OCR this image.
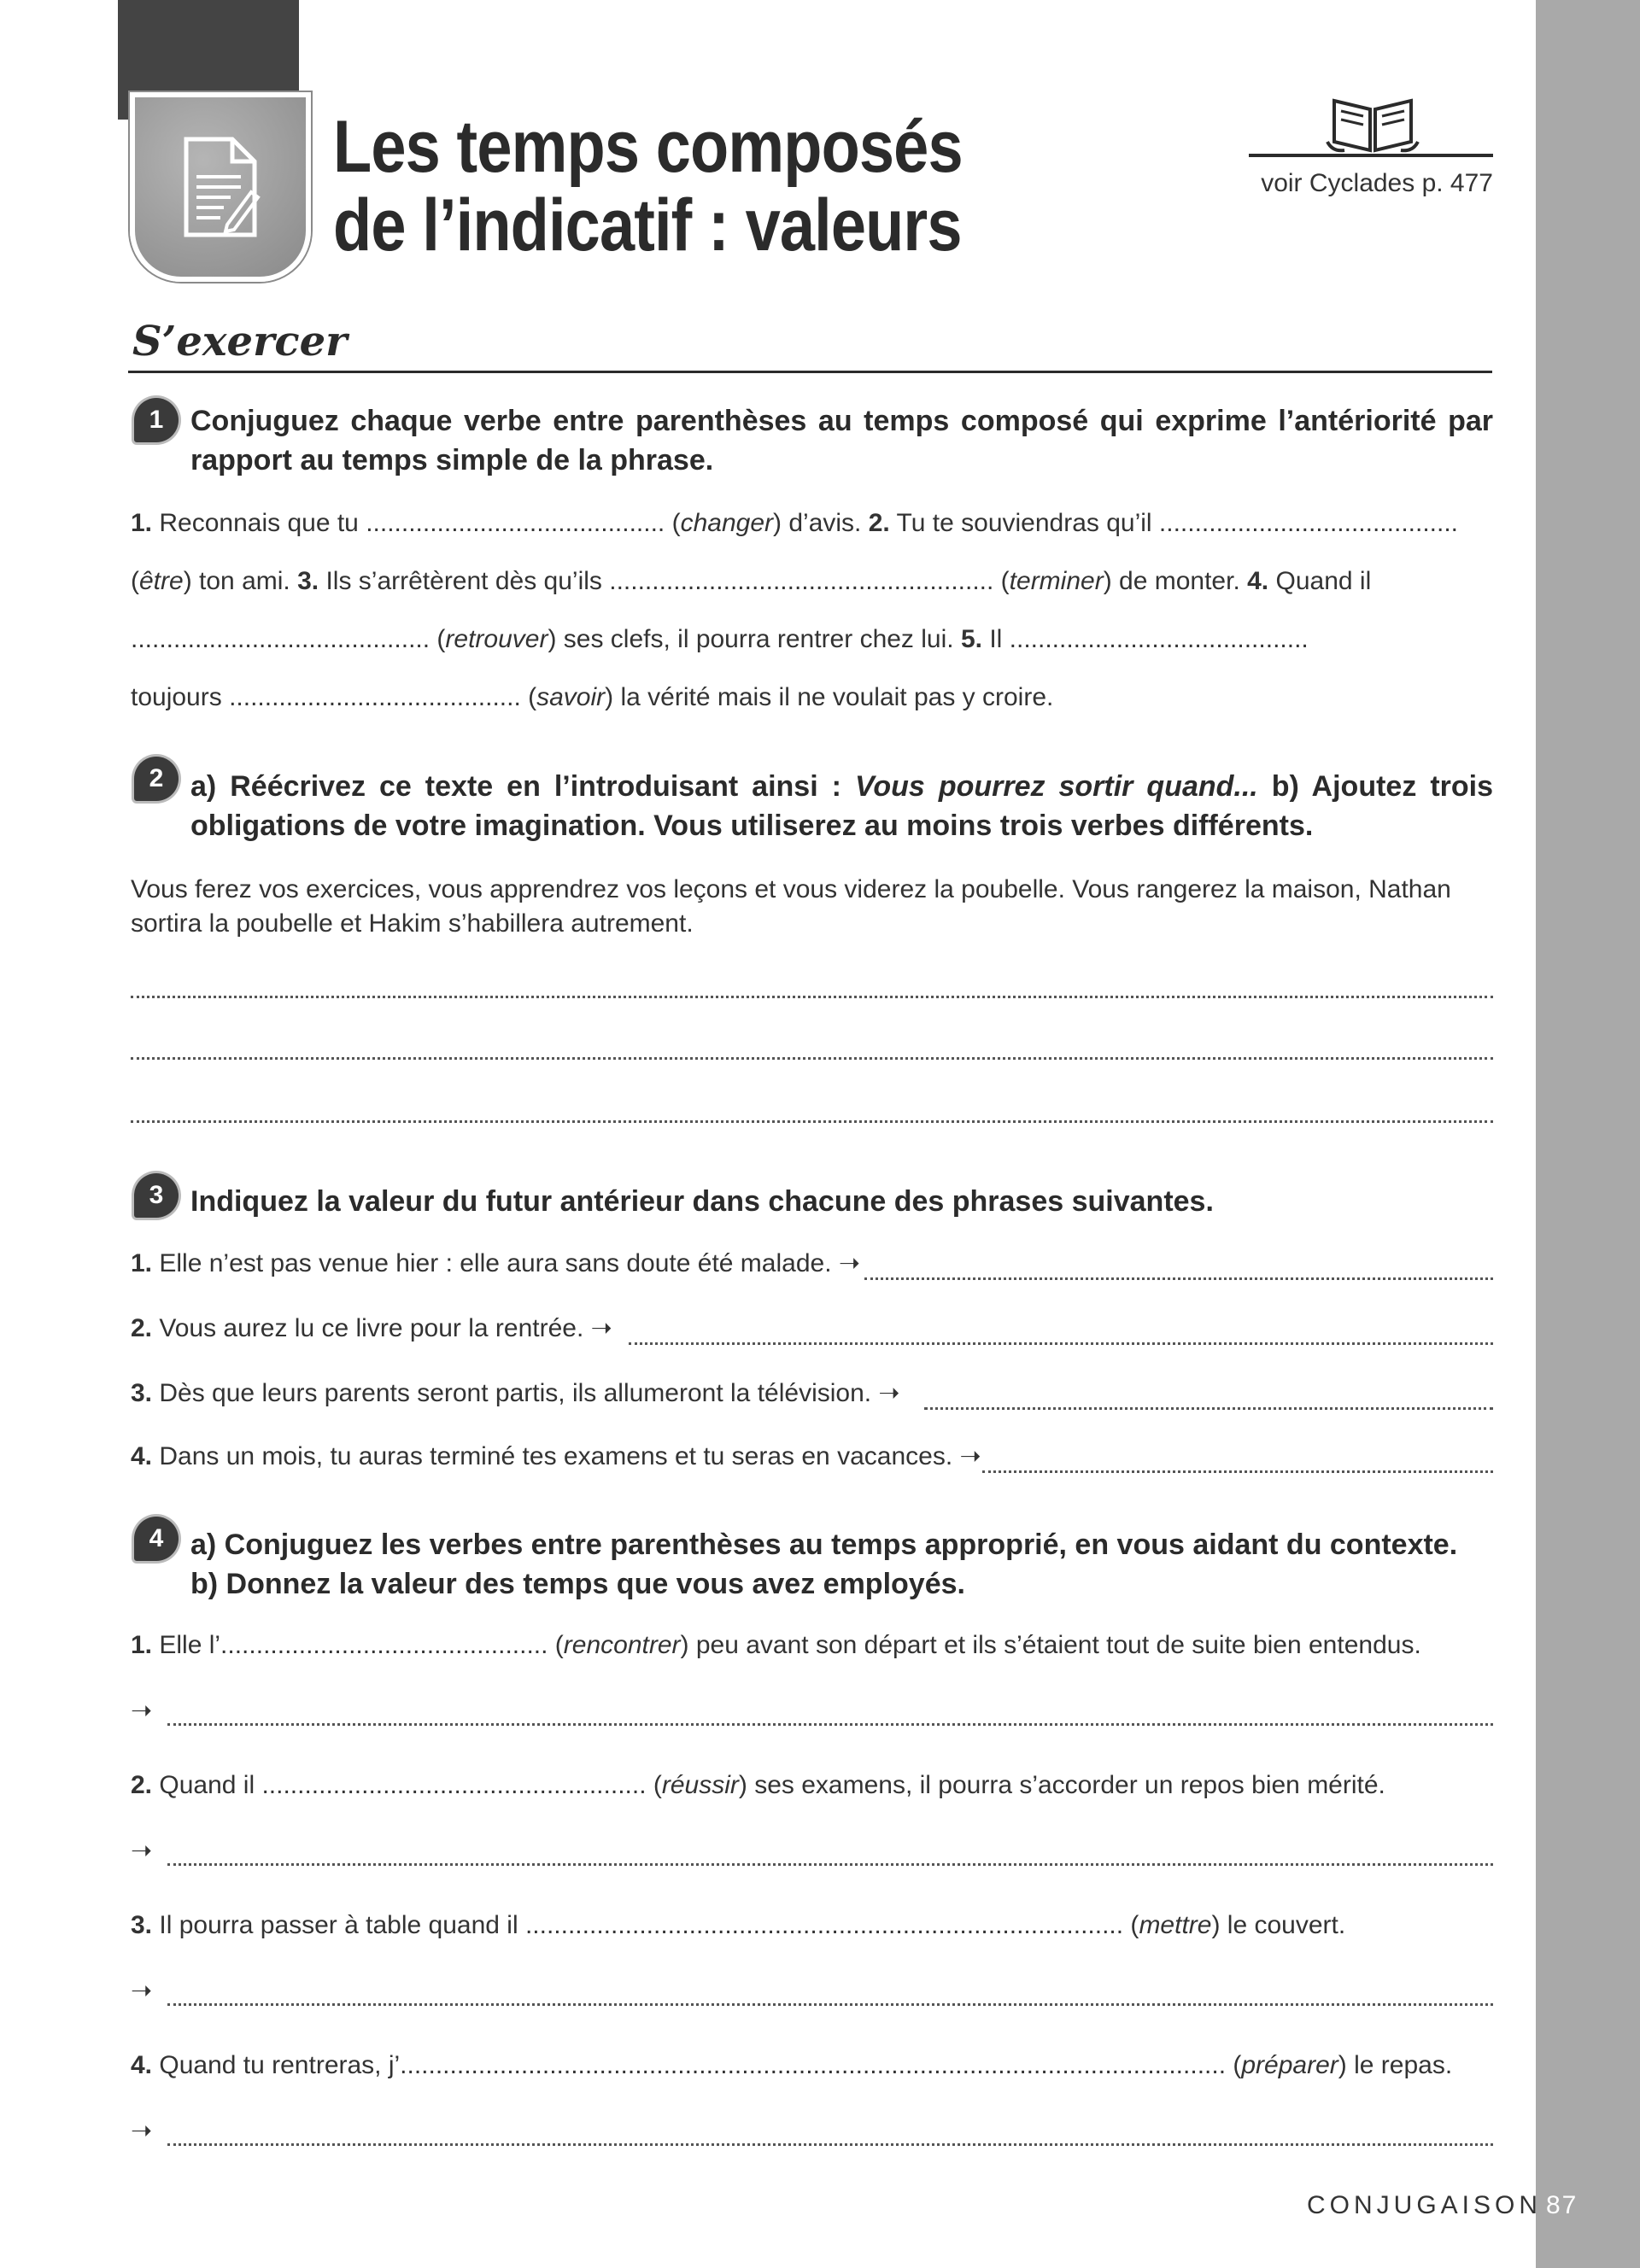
Les temps composés
de l’indicatif : valeurs
voir Cyclades p. 477
S’exercer
1 Conjuguez chaque verbe entre parenthèses au temps composé qui exprime l’antériorité par rapport au temps simple de la phrase.

1. Reconnais que tu .......................................... (changer) d’avis. 2. Tu te souviendras qu’il ..........................................
(être) ton ami. 3. Ils s’arrêtèrent dès qu’ils ...................................................... (terminer) de monter. 4. Quand il
.......................................... (retrouver) ses clefs, il pourra rentrer chez lui. 5. Il ..........................................
toujours ......................................... (savoir) la vérité mais il ne voulait pas y croire.
2 a) Réécrivez ce texte en l’introduisant ainsi : Vous pourrez sortir quand... b) Ajoutez trois obligations de votre imagination. Vous utiliserez au moins trois verbes différents.

Vous ferez vos exercices, vous apprendrez vos leçons et vous viderez la poubelle. Vous rangerez la maison, Nathan sortira la poubelle et Hakim s’habillera autrement.

3 Indiquez la valeur du futur antérieur dans chacune des phrases suivantes.

1. Elle n’est pas venue hier : elle aura sans doute été malade. ➝
2. Vous aurez lu ce livre pour la rentrée. ➝
3. Dès que leurs parents seront partis, ils allumeront la télévision. ➝
4. Dans un mois, tu auras terminé tes examens et tu seras en vacances. ➝
4 a) Conjuguez les verbes entre parenthèses au temps approprié, en vous aidant du contexte.
b) Donnez la valeur des temps que vous avez employés.

1. Elle l’.............................................. (rencontrer) peu avant son départ et ils s’étaient tout de suite bien entendus.
➝
2. Quand il ...................................................... (réussir) ses examens, il pourra s’accorder un repos bien mérité.
➝
3. Il pourra passer à table quand il .................................................................................... (mettre) le couvert.
➝
4. Quand tu rentreras, j’.................................................................................................................... (préparer) le repas.
➝
CONJUGAISON 87
